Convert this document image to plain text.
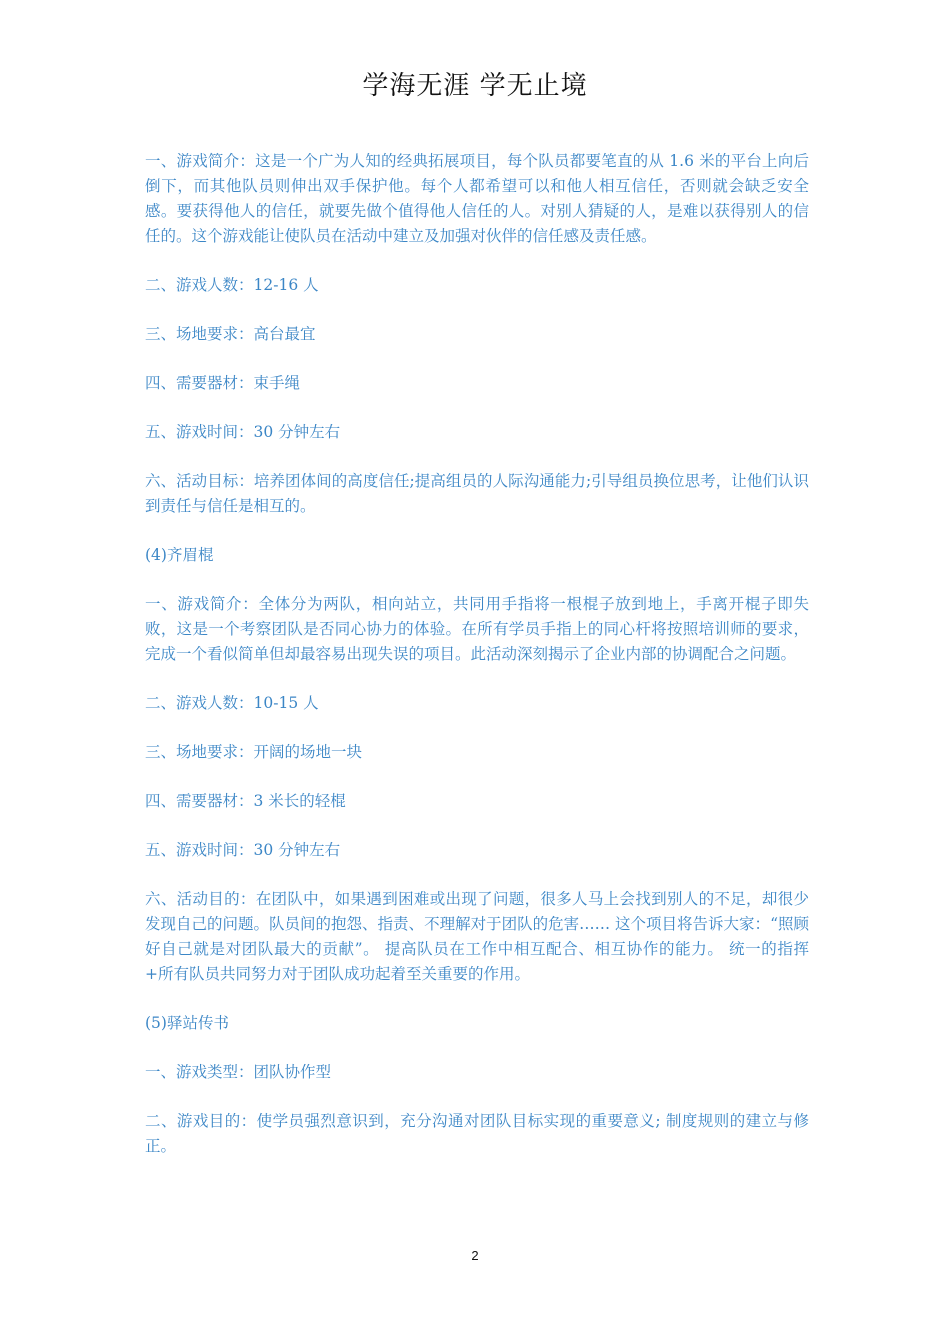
学海无涯 学无止境

一、游戏简介：这是一个广为人知的经典拓展项目，每个队员都要笔直的从 1.6 米的平台上向后倒下，而其他队员则伸出双手保护他。每个人都希望可以和他人相互信任，否则就会缺乏安全感。要获得他人的信任，就要先做个值得他人信任的人。对别人猜疑的人，是难以获得别人的信任的。这个游戏能让使队员在活动中建立及加强对伙伴的信任感及责任感。

二、游戏人数：12-16 人

三、场地要求：高台最宜

四、需要器材：束手绳

五、游戏时间：30 分钟左右

六、活动目标：培养团体间的高度信任;提高组员的人际沟通能力;引导组员换位思考，让他们认识到责任与信任是相互的。

(4)齐眉棍

一、游戏简介：全体分为两队，相向站立，共同用手指将一根棍子放到地上，手离开棍子即失败，这是一个考察团队是否同心协力的体验。在所有学员手指上的同心杆将按照培训师的要求，完成一个看似简单但却最容易出现失误的项目。此活动深刻揭示了企业内部的协调配合之问题。

二、游戏人数：10-15 人

三、场地要求：开阔的场地一块

四、需要器材：3 米长的轻棍

五、游戏时间：30 分钟左右

六、活动目的：在团队中，如果遇到困难或出现了问题，很多人马上会找到别人的不足，却很少发现自己的问题。队员间的抱怨、指责、不理解对于团队的危害…… 这个项目将告诉大家：“照顾好自己就是对团队最大的贡献”。 提高队员在工作中相互配合、相互协作的能力。 统一的指挥+所有队员共同努力对于团队成功起着至关重要的作用。

(5)驿站传书

一、游戏类型：团队协作型

二、游戏目的：使学员强烈意识到，充分沟通对团队目标实现的重要意义; 制度规则的建立与修正。

2
